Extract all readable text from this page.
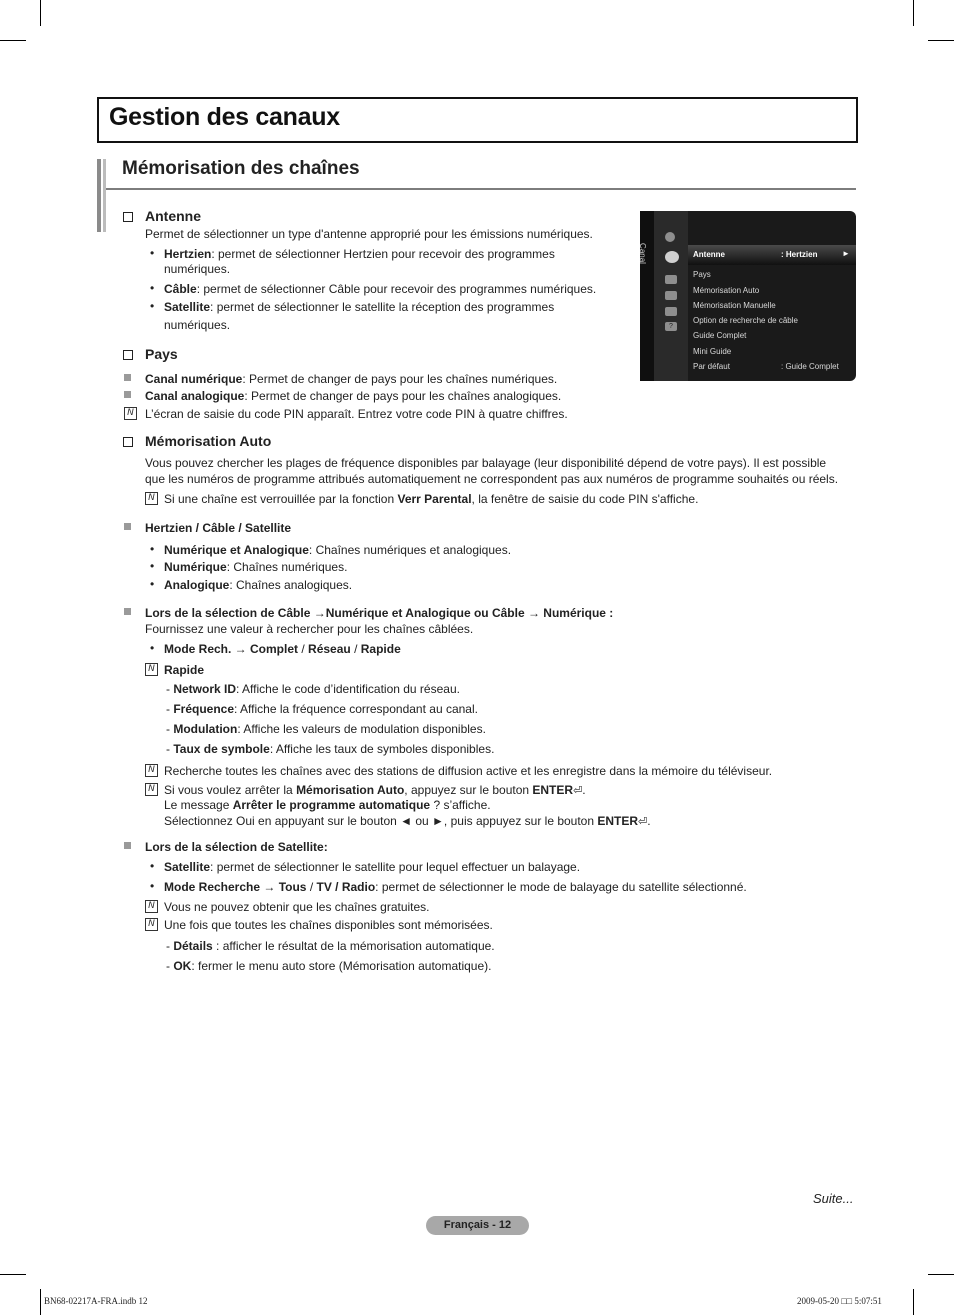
Gestion des canaux
Mémorisation des chaînes
Canal
?
Antenne	: Hertzien	►
Pays
Mémorisation Auto
Mémorisation Manuelle
Option de recherche de câble
Guide Complet
Mini Guide
Par défaut	: Guide Complet
Antenne
Permet de sélectionner un type d'antenne approprié pour les émissions numériques.
• Hertzien: permet de sélectionner Hertzien pour recevoir des programmes
numériques.
• Câble: permet de sélectionner Câble pour recevoir des programmes numériques.
• Satellite: permet de sélectionner le satellite la réception des programmes
numériques.
Pays
Canal numérique: Permet de changer de pays pour les chaînes numériques.
Canal analogique: Permet de changer de pays pour les chaînes analogiques.
N L’écran de saisie du code PIN apparaît. Entrez votre code PIN à quatre chiffres.
Mémorisation Auto
Vous pouvez chercher les plages de fréquence disponibles par balayage (leur disponibilité dépend de votre pays). Il est possible
que les numéros de programme attribués automatiquement ne correspondent pas aux numéros de programme souhaités ou réels.
N Si une chaîne est verrouillée par la fonction Verr Parental, la fenêtre de saisie du code PIN s'affiche.
Hertzien / Câble / Satellite
• Numérique et Analogique: Chaînes numériques et analogiques.
• Numérique: Chaînes numériques.
• Analogique: Chaînes analogiques.
Lors de la sélection de Câble →Numérique et Analogique ou Câble → Numérique :
Fournissez une valeur à rechercher pour les chaînes câblées.
• Mode Rech. → Complet / Réseau / Rapide
N Rapide
- Network ID: Affiche le code d’identification du réseau.
- Fréquence: Affiche la fréquence correspondant au canal.
- Modulation: Affiche les valeurs de modulation disponibles.
- Taux de symbole: Affiche les taux de symboles disponibles.
N Recherche toutes les chaînes avec des stations de diffusion active et les enregistre dans la mémoire du téléviseur.
N Si vous voulez arrêter la Mémorisation Auto, appuyez sur le bouton ENTER⏎.
Le message Arrêter le programme automatique ? s’affiche.
Sélectionnez Oui en appuyant sur le bouton ◄ ou ►, puis appuyez sur le bouton ENTER⏎.
Lors de la sélection de Satellite:
• Satellite: permet de sélectionner le satellite pour lequel effectuer un balayage.
• Mode Recherche → Tous / TV / Radio: permet de sélectionner le mode de balayage du satellite sélectionné.
N Vous ne pouvez obtenir que les chaînes gratuites.
N Une fois que toutes les chaînes disponibles sont mémorisées.
- Détails : afficher le résultat de la mémorisation automatique.
- OK: fermer le menu auto store (Mémorisation automatique).
Suite...
Français - 12
BN68-02217A-FRA.indb 12	2009-05-20 □□ 5:07:51
